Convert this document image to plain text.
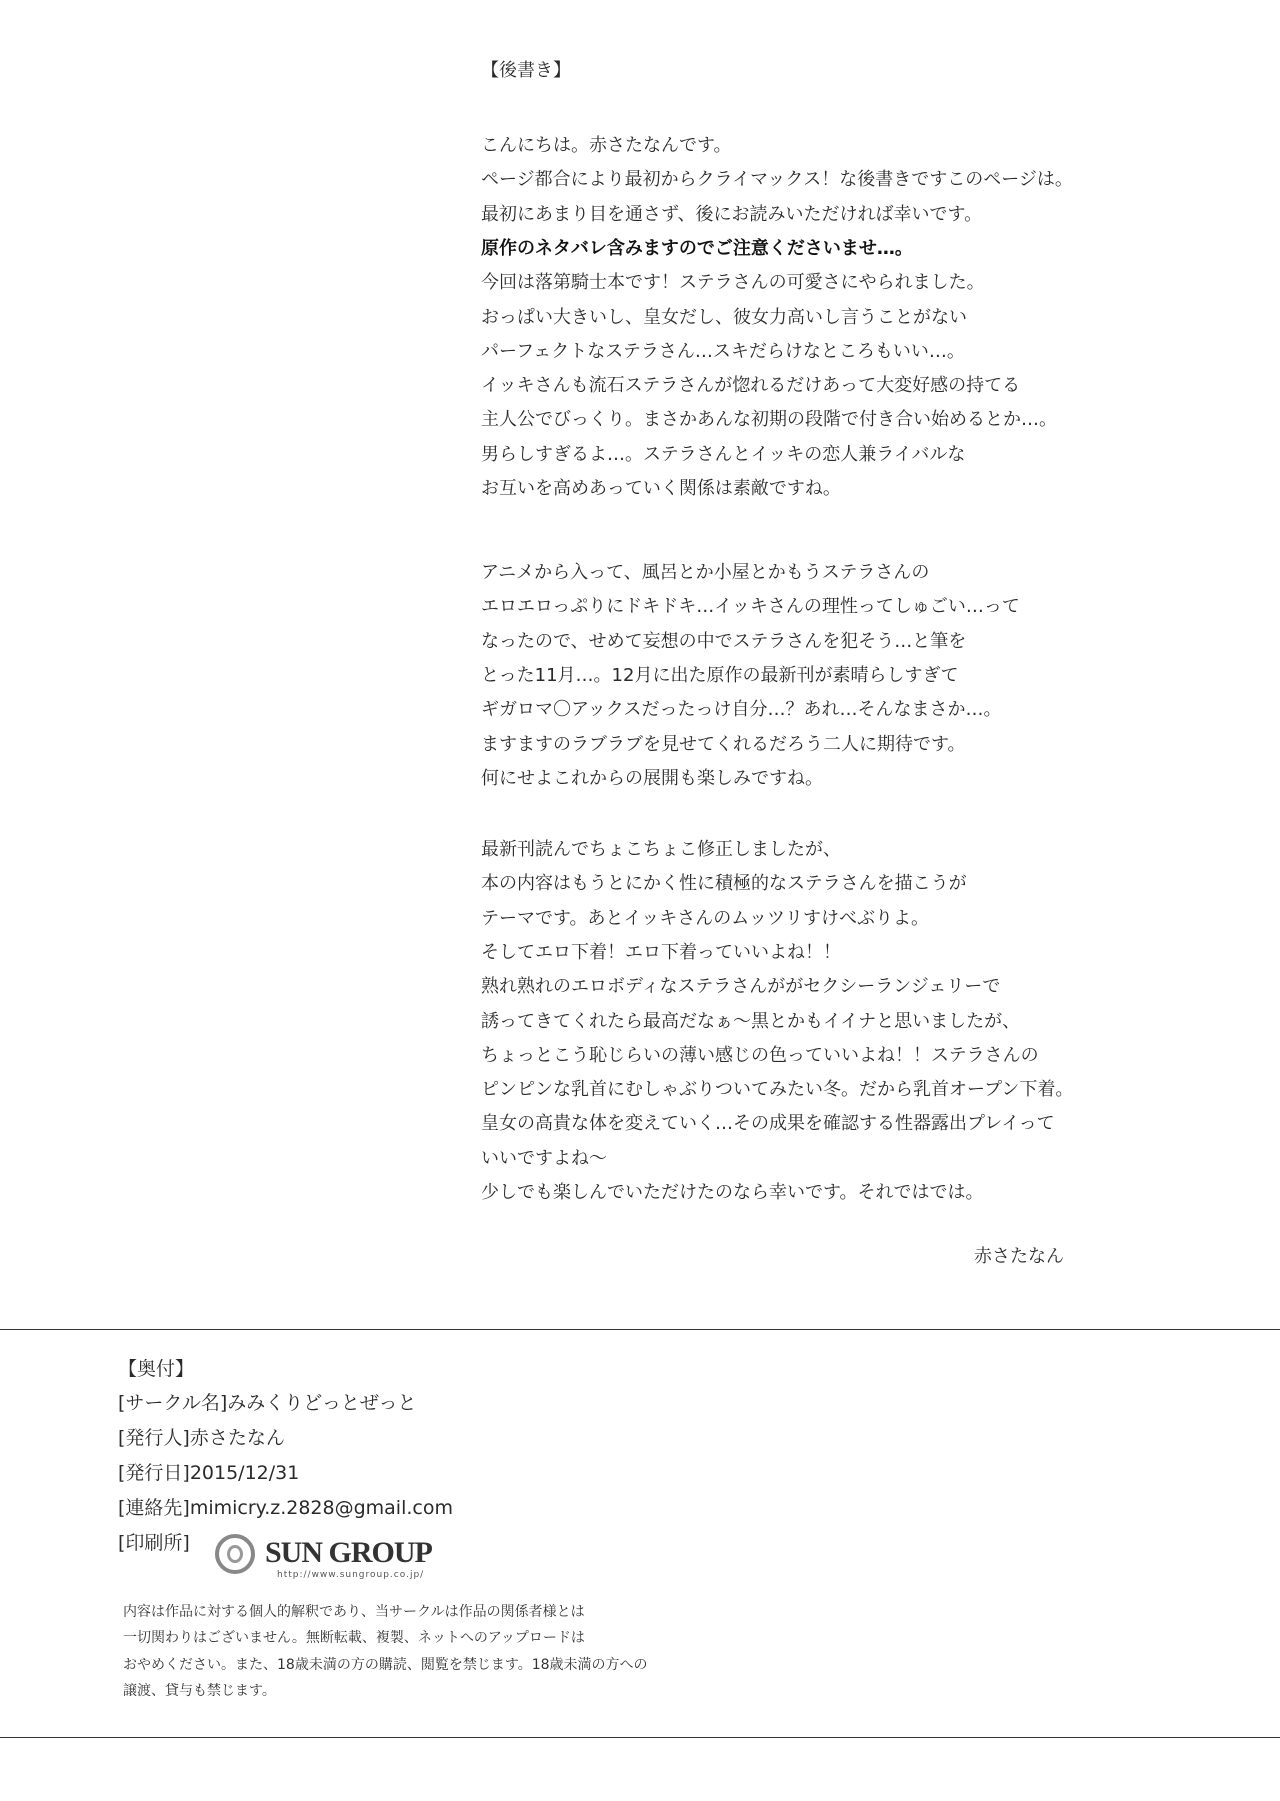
【後書き】
こんにちは。赤さたなんです。
ページ都合により最初からクライマックス！な後書きですこのページは。
最初にあまり目を通さず、後にお読みいただければ幸いです。
原作のネタバレ含みますのでご注意くださいませ…。
今回は落第騎士本です！ステラさんの可愛さにやられました。
おっぱい大きいし、皇女だし、彼女力高いし言うことがない
パーフェクトなステラさん…スキだらけなところもいい…。
イッキさんも流石ステラさんが惚れるだけあって大変好感の持てる
主人公でびっくり。まさかあんな初期の段階で付き合い始めるとか…。
男らしすぎるよ…。ステラさんとイッキの恋人兼ライバルな
お互いを高めあっていく関係は素敵ですね。
アニメから入って、風呂とか小屋とかもうステラさんの
エロエロっぷりにドキドキ…イッキさんの理性ってしゅごい…って
なったので、せめて妄想の中でステラさんを犯そう…と筆を
とった11月…。12月に出た原作の最新刊が素晴らしすぎて
ギガロマ〇アックスだったっけ自分…？あれ…そんなまさか…。
ますますのラブラブを見せてくれるだろう二人に期待です。
何にせよこれからの展開も楽しみですね。
最新刊読んでちょこちょこ修正しましたが、
本の内容はもうとにかく性に積極的なステラさんを描こうが
テーマです。あとイッキさんのムッツリすけべぶりよ。
そしてエロ下着！エロ下着っていいよね！！
熟れ熟れのエロボディなステラさんががセクシーランジェリーで
誘ってきてくれたら最高だなぁ～黒とかもイイナと思いましたが、
ちょっとこう恥じらいの薄い感じの色っていいよね！！ステラさんの
ピンピンな乳首にむしゃぶりついてみたい冬。だから乳首オープン下着。
皇女の高貴な体を変えていく…その成果を確認する性器露出プレイって
いいですよね～
少しでも楽しんでいただけたのなら幸いです。それではでは。
赤さたなん
【奥付】
[サークル名]みみくりどっとぜっと
[発行人]赤さたなん
[発行日]2015/12/31
[連絡先]mimicry.z.2828@gmail.com
[印刷所]	SUN GROUP
http://www.sungroup.co.jp/
内容は作品に対する個人的解釈であり、当サークルは作品の関係者様とは
一切関わりはございません。無断転載、複製、ネットへのアップロードは
おやめください。また、18歳未満の方の購読、閲覧を禁じます。18歳未満の方への
譲渡、貸与も禁じます。
